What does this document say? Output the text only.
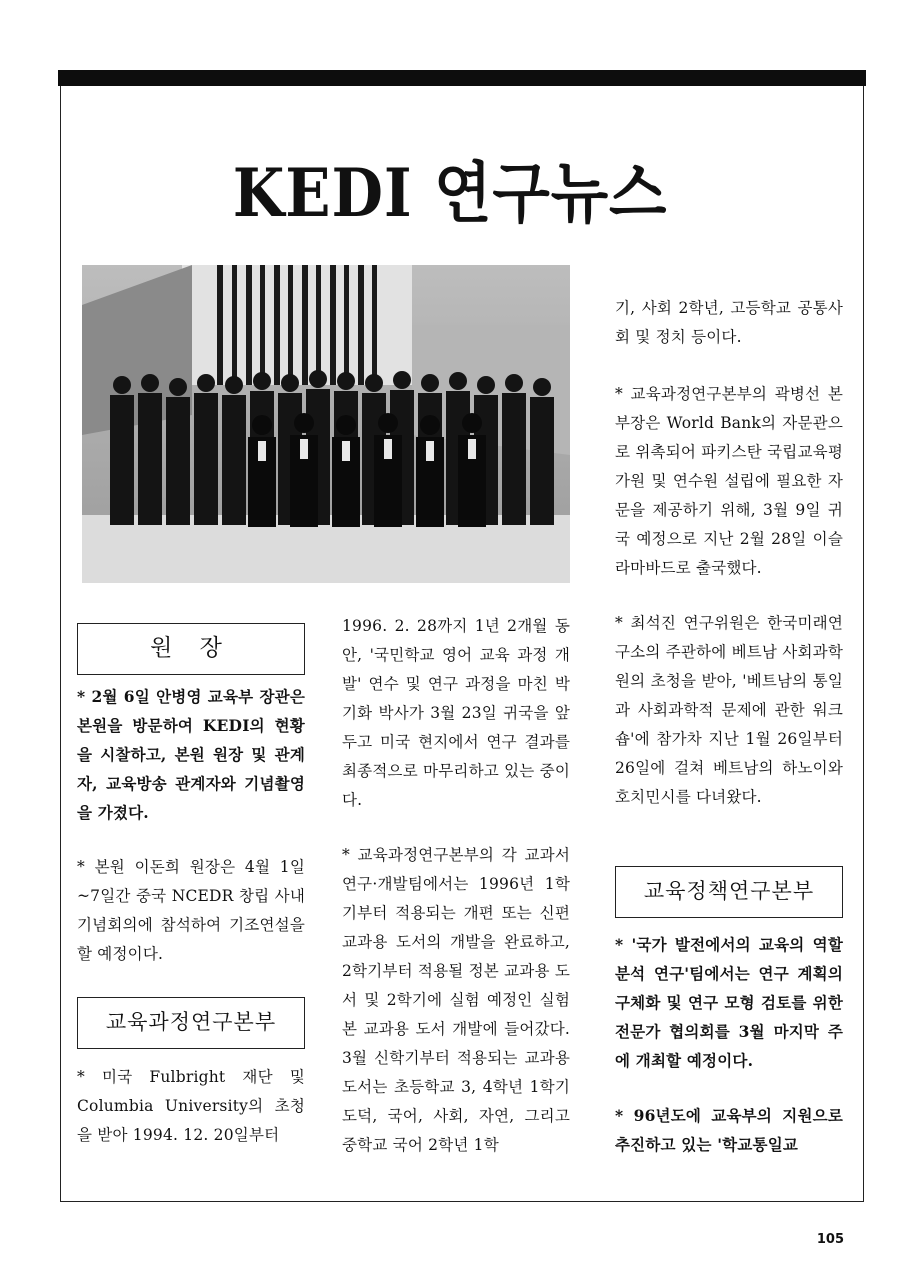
KEDI 연구뉴스
원 장
교육과정연구본부
교육정책연구본부

* 2월 6일 안병영 교육부 장관은 본원을 방문하여 KEDI의 현황을 시찰하고, 본원 원장 및 관계자, 교육방송 관계자와 기념촬영을 가졌다.

* 본원 이돈희 원장은 4월 1일~7일간 중국 NCEDR 창립 사내 기념회의에 참석하여 기조연설을 할 예정이다.

* 미국 Fulbright 재단 및 Columbia University의 초청을 받아 1994. 12. 20일부터

1996. 2. 28까지 1년 2개월 동안, '국민학교 영어 교육 과정 개발' 연수 및 연구 과정을 마친 박기화 박사가 3월 23일 귀국을 앞두고 미국 현지에서 연구 결과를 최종적으로 마무리하고 있는 중이다.

* 교육과정연구본부의 각 교과서 연구·개발팀에서는 1996년 1학기부터 적용되는 개편 또는 신편 교과용 도서의 개발을 완료하고, 2학기부터 적용될 정본 교과용 도서 및 2학기에 실험 예정인 실험본 교과용 도서 개발에 들어갔다. 3월 신학기부터 적용되는 교과용 도서는 초등학교 3, 4학년 1학기 도덕, 국어, 사회, 자연, 그리고 중학교 국어 2학년 1학

기, 사회 2학년, 고등학교 공통사회 및 정치 등이다.

* 교육과정연구본부의 곽병선 본부장은 World Bank의 자문관으로 위촉되어 파키스탄 국립교육평가원 및 연수원 설립에 필요한 자문을 제공하기 위해, 3월 9일 귀국 예정으로 지난 2월 28일 이슬라마바드로 출국했다.

* 최석진 연구위원은 한국미래연구소의 주관하에 베트남 사회과학원의 초청을 받아, '베트남의 통일과 사회과학적 문제에 관한 워크숍'에 참가차 지난 1월 26일부터 26일에 걸쳐 베트남의 하노이와 호치민시를 다녀왔다.

* '국가 발전에서의 교육의 역할 분석 연구'팀에서는 연구 계획의 구체화 및 연구 모형 검토를 위한 전문가 협의회를 3월 마지막 주에 개최할 예정이다.

* 96년도에 교육부의 지원으로 추진하고 있는 '학교통일교

105
